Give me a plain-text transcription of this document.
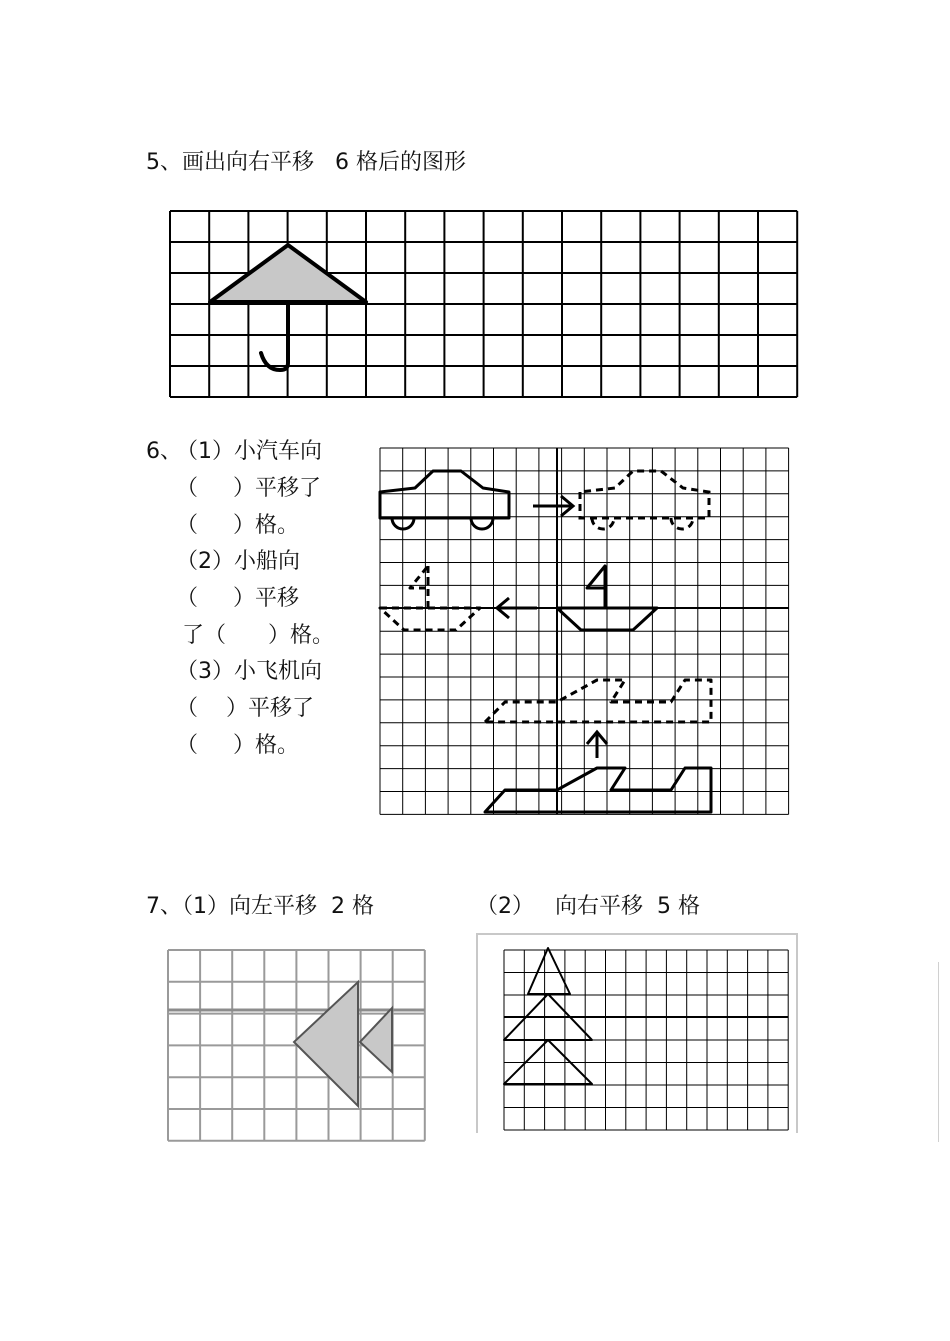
5、画出向右平移   6 格后的图形
6、
（1）小汽车向
（     ）平移了
（     ）格。
（2）小船向
（     ）平移
了（      ）格。
（3）小飞机向
（    ）平移了
（     ）格。
7、（1）向左平移  2 格	（2）   向右平移  5 格
